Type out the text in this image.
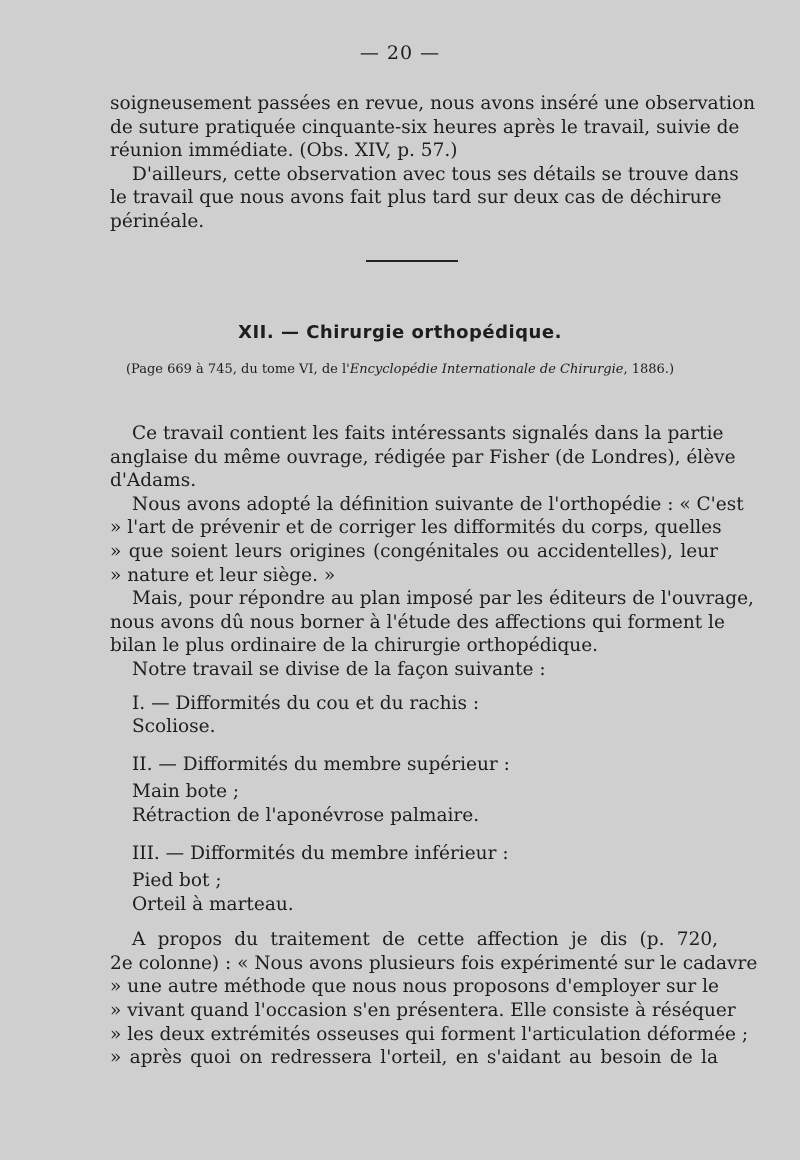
— 20 —
soigneusement passées en revue, nous avons inséré une observation
de suture pratiquée cinquante-six heures après le travail, suivie de
réunion immédiate. (Obs. XIV, p. 57.)
D'ailleurs, cette observation avec tous ses détails se trouve dans
le travail que nous avons fait plus tard sur deux cas de déchirure
périnéale.
XII. — Chirurgie orthopédique.
(Page 669 à 745, du tome VI, de l'Encyclopédie Internationale de Chirurgie, 1886.)
Ce travail contient les faits intéressants signalés dans la partie
anglaise du même ouvrage, rédigée par Fisher (de Londres), élève
d'Adams.
Nous avons adopté la définition suivante de l'orthopédie : « C'est
» l'art de prévenir et de corriger les difformités du corps, quelles
» que soient leurs origines (congénitales ou accidentelles), leur
» nature et leur siège. »
Mais, pour répondre au plan imposé par les éditeurs de l'ouvrage,
nous avons dû nous borner à l'étude des affections qui forment le
bilan le plus ordinaire de la chirurgie orthopédique.
Notre travail se divise de la façon suivante :
I. — Difformités du cou et du rachis :
Scoliose.
II. — Difformités du membre supérieur :
Main bote ;
Rétraction de l'aponévrose palmaire.
III. — Difformités du membre inférieur :
Pied bot ;
Orteil à marteau.
A propos du traitement de cette affection je dis (p. 720,
2e colonne) : « Nous avons plusieurs fois expérimenté sur le cadavre
» une autre méthode que nous nous proposons d'employer sur le
» vivant quand l'occasion s'en présentera. Elle consiste à réséquer
» les deux extrémités osseuses qui forment l'articulation déformée ;
» après quoi on redressera l'orteil, en s'aidant au besoin de la
